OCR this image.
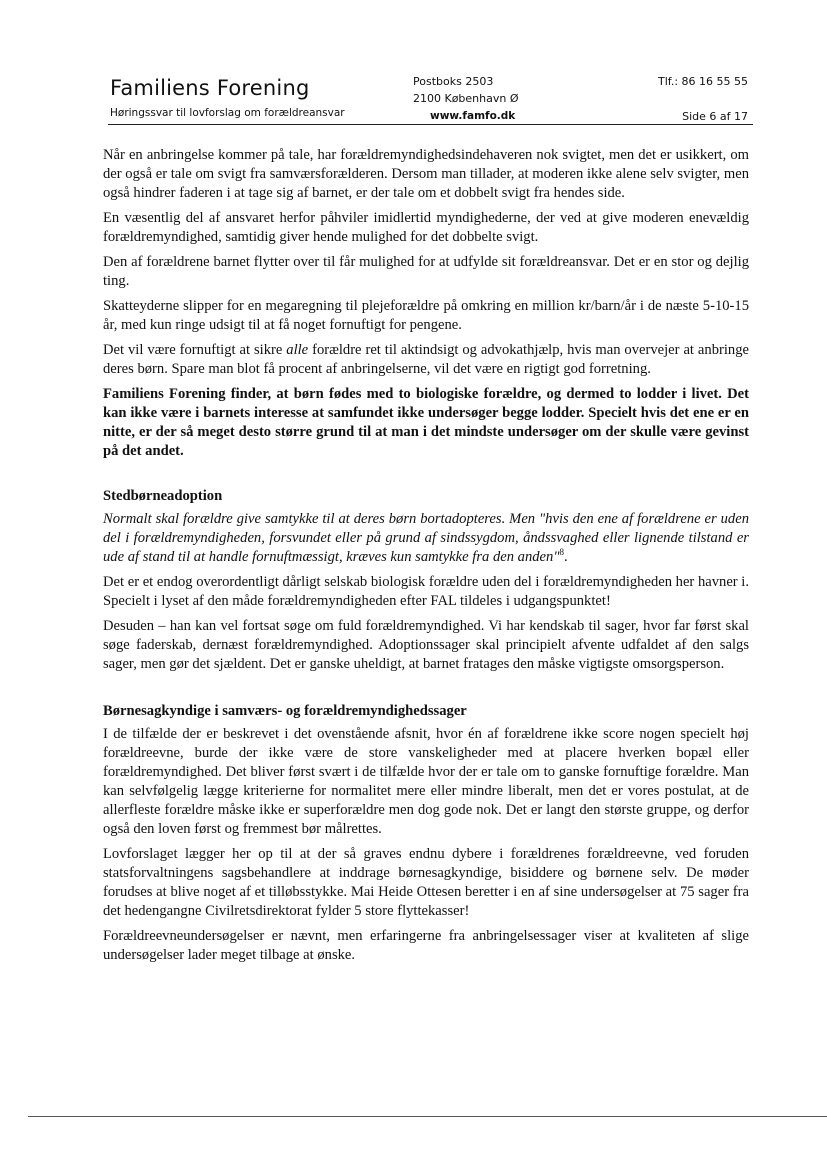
Familiens Forening
Høringssvar til lovforslag om forældreansvar
Postboks 2503
2100 København Ø
www.famfo.dk
Tlf.: 86 16 55 55
Side 6 af 17

Når en anbringelse kommer på tale, har forældremyndighedsindehaveren nok svigtet, men det er usikkert, om der også er tale om svigt fra samværsforælderen. Dersom man tillader, at moderen ikke alene selv svigter, men også hindrer faderen i at tage sig af barnet, er der tale om et dobbelt svigt fra hendes side.

En væsentlig del af ansvaret herfor påhviler imidlertid myndighederne, der ved at give moderen enevældig forældremyndighed, samtidig giver hende mulighed for det dobbelte svigt.

Den af forældrene barnet flytter over til får mulighed for at udfylde sit forældreansvar. Det er en stor og dejlig ting.

Skatteyderne slipper for en megaregning til plejeforældre på omkring en million kr/barn/år i de næste 5-10-15 år, med kun ringe udsigt til at få noget fornuftigt for pengene.

Det vil være fornuftigt at sikre alle forældre ret til aktindsigt og advokathjælp, hvis man overvejer at anbringe deres børn. Spare man blot få procent af anbringelserne, vil det være en rigtigt god forretning.

Familiens Forening finder, at børn fødes med to biologiske forældre, og dermed to lodder i livet. Det kan ikke være i barnets interesse at samfundet ikke undersøger begge lodder. Specielt hvis det ene er en nitte, er der så meget desto større grund til at man i det mindste undersøger om der skulle være gevinst på det andet.

Stedbørneadoption

Normalt skal forældre give samtykke til at deres børn bortadopteres. Men "hvis den ene af forældrene er uden del i forældremyndigheden, forsvundet eller på grund af sindssygdom, åndssvaghed eller lignende tilstand er ude af stand til at handle fornuftmæssigt, kræves kun samtykke fra den anden"$^8$.

Det er et endog overordentligt dårligt selskab biologisk forældre uden del i forældremyndigheden her havner i. Specielt i lyset af den måde forældremyndigheden efter FAL tildeles i udgangspunktet!

Desuden – han kan vel fortsat søge om fuld forældremyndighed. Vi har kendskab til sager, hvor far først skal søge faderskab, dernæst forældremyndighed. Adoptionssager skal principielt afvente udfaldet af den salgs sager, men gør det sjældent. Det er ganske uheldigt, at barnet fratages den måske vigtigste omsorgsperson.

Børnesagkyndige i samværs- og forældremyndighedssager

I de tilfælde der er beskrevet i det ovenstående afsnit, hvor én af forældrene ikke score nogen specielt høj forældreevne, burde der ikke være de store vanskeligheder med at placere hverken bopæl eller forældremyndighed. Det bliver først svært i de tilfælde hvor der er tale om to ganske fornuftige forældre. Man kan selvfølgelig lægge kriterierne for normalitet mere eller mindre liberalt, men det er vores postulat, at de allerfleste forældre måske ikke er superforældre men dog gode nok. Det er langt den største gruppe, og derfor også den loven først og fremmest bør målrettes.

Lovforslaget lægger her op til at der så graves endnu dybere i forældrenes forældreevne, ved foruden statsforvaltningens sagsbehandlere at inddrage børnesagkyndige, bisiddere og børnene selv. De møder forudses at blive noget af et tilløbsstykke. Mai Heide Ottesen beretter i en af sine undersøgelser at 75 sager fra det hedengangne Civilretsdirektorat fylder 5 store flyttekasser!

Forældreevneundersøgelser er nævnt, men erfaringerne fra anbringelsessager viser at kvaliteten af slige undersøgelser lader meget tilbage at ønske.
